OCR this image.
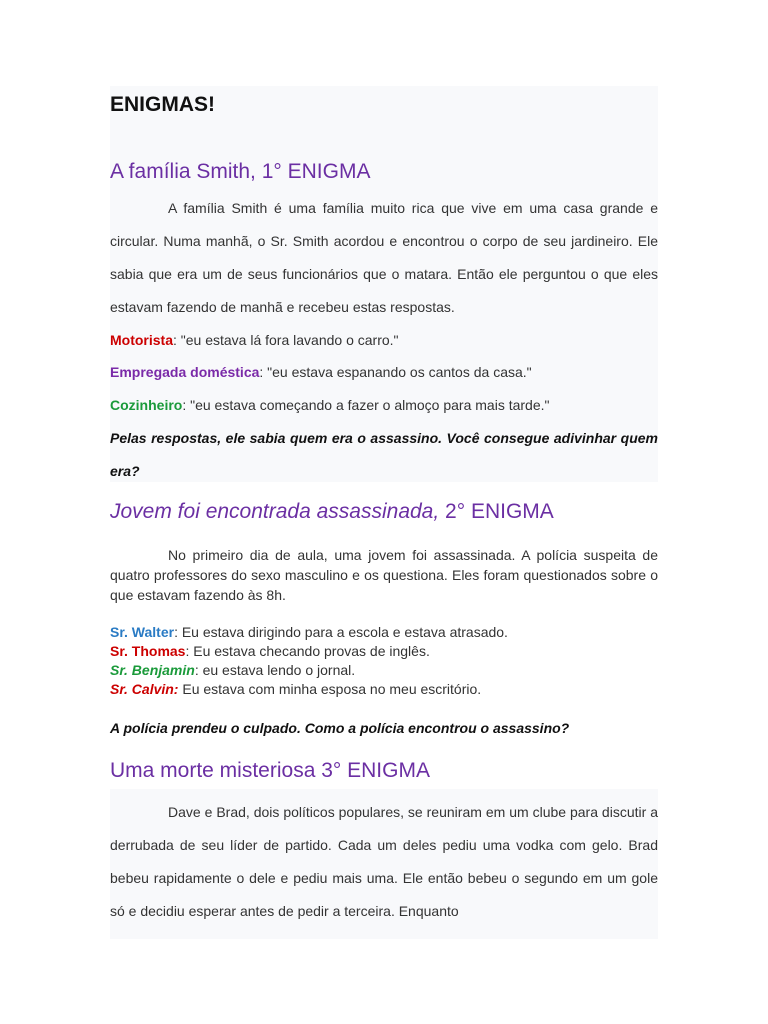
ENIGMAS!
A família Smith, 1° ENIGMA

A família Smith é uma família muito rica que vive em uma casa grande e circular. Numa manhã, o Sr. Smith acordou e encontrou o corpo de seu jardineiro. Ele sabia que era um de seus funcionários que o matara. Então ele perguntou o que eles estavam fazendo de manhã e recebeu estas respostas.

Motorista: "eu estava lá fora lavando o carro."

Empregada doméstica: "eu estava espanando os cantos da casa."

Cozinheiro: "eu estava começando a fazer o almoço para mais tarde."

Pelas respostas, ele sabia quem era o assassino. Você consegue adivinhar quem era?

Jovem foi encontrada assassinada, 2° ENIGMA

No primeiro dia de aula, uma jovem foi assassinada. A polícia suspeita de quatro professores do sexo masculino e os questiona. Eles foram questionados sobre o que estavam fazendo às 8h.

Sr. Walter: Eu estava dirigindo para a escola e estava atrasado.

Sr. Thomas: Eu estava checando provas de inglês.

Sr. Benjamin: eu estava lendo o jornal.

Sr. Calvin: Eu estava com minha esposa no meu escritório.

A polícia prendeu o culpado. Como a polícia encontrou o assassino?

Uma morte misteriosa 3° ENIGMA

Dave e Brad, dois políticos populares, se reuniram em um clube para discutir a derrubada de seu líder de partido. Cada um deles pediu uma vodka com gelo. Brad bebeu rapidamente o dele e pediu mais uma. Ele então bebeu o segundo em um gole só e decidiu esperar antes de pedir a terceira. Enquanto
